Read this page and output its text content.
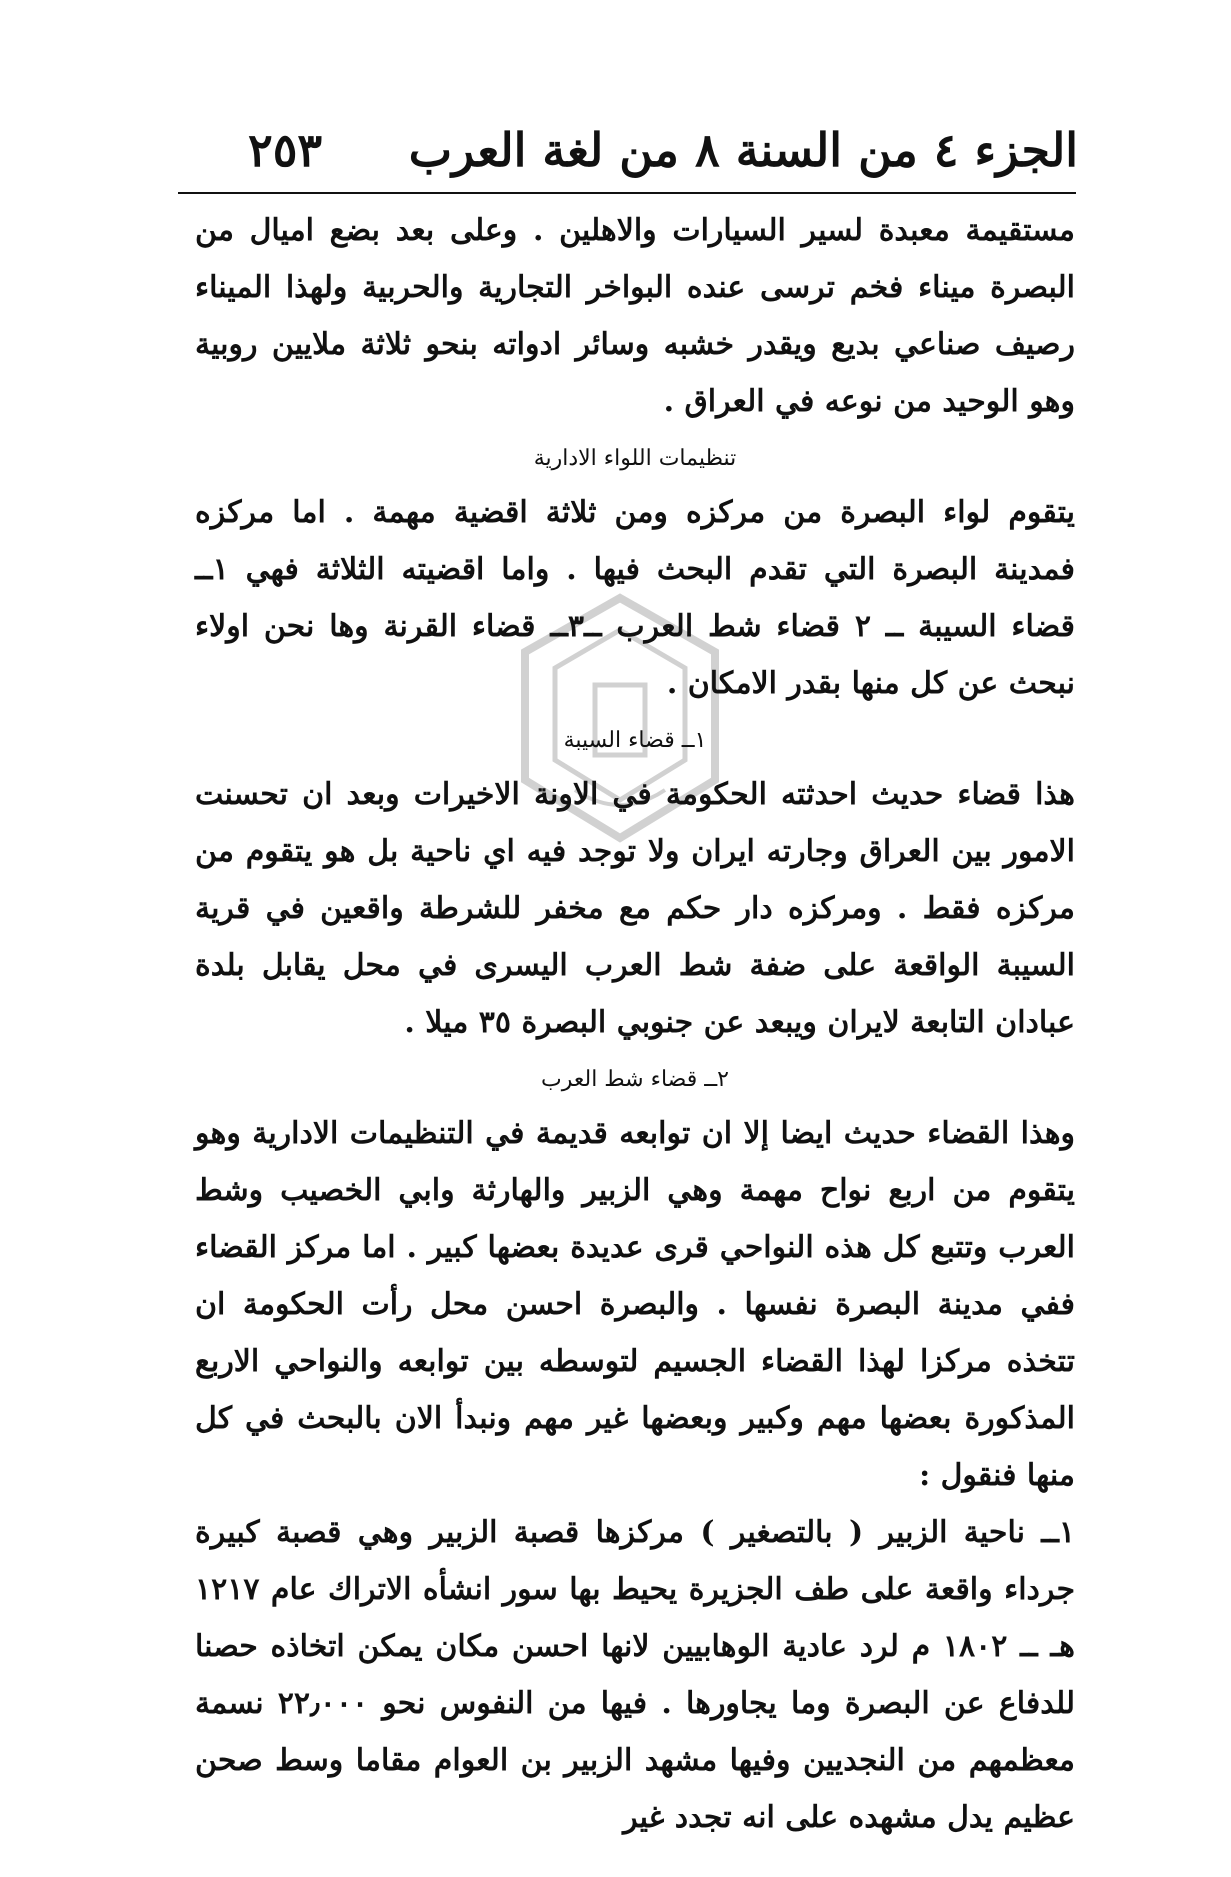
الجزء ٤ من السنة ٨ من لغة العرب
٢٥٣

مستقيمة معبدة لسير السيارات والاهلين . وعلى بعد بضع اميال من البصرة ميناء فخم ترسى عنده البواخر التجارية والحربية ولهذا الميناء رصيف صناعي بديع ويقدر خشبه وسائر ادواته بنحو ثلاثة ملايين روبية وهو الوحيد من نوعه في العراق .

تنظيمات اللواء الادارية

يتقوم لواء البصرة من مركزه ومن ثلاثة اقضية مهمة . اما مركزه فمدينة البصرة التي تقدم البحث فيها . واما اقضيته الثلاثة فهي ١ــ قضاء السيبة ــ ٢ قضاء شط العرب ــ٣ــ قضاء القرنة وها نحن اولاء نبحث عن كل منها بقدر الامكان .

١ــ قضاء السيبة

هذا قضاء حديث احدثته الحكومة في الاونة الاخيرات وبعد ان تحسنت الامور بين العراق وجارته ايران ولا توجد فيه اي ناحية بل هو يتقوم من مركزه فقط . ومركزه دار حكم مع مخفر للشرطة واقعين في قرية السيبة الواقعة على ضفة شط العرب اليسرى في محل يقابل بلدة عبادان التابعة لايران ويبعد عن جنوبي البصرة ٣٥ ميلا .

٢ــ قضاء شط العرب

وهذا القضاء حديث ايضا إلا ان توابعه قديمة في التنظيمات الادارية وهو يتقوم من اربع نواح مهمة وهي الزبير والهارثة وابي الخصيب وشط العرب وتتبع كل هذه النواحي قرى عديدة بعضها كبير . اما مركز القضاء ففي مدينة البصرة نفسها . والبصرة احسن محل رأت الحكومة ان تتخذه مركزا لهذا القضاء الجسيم لتوسطه بين توابعه والنواحي الاربع المذكورة بعضها مهم وكبير وبعضها غير مهم ونبدأ الان بالبحث في كل منها فنقول :

١ــ ناحية الزبير ( بالتصغير ) مركزها قصبة الزبير وهي قصبة كبيرة جرداء واقعة على طف الجزيرة يحيط بها سور انشأه الاتراك عام ١٢١٧ هـ ــ ١٨٠٢ م لرد عادية الوهابيين لانها احسن مكان يمكن اتخاذه حصنا للدفاع عن البصرة وما يجاورها . فيها من النفوس نحو ٢٢٫٠٠٠ نسمة معظمهم من النجديين وفيها مشهد الزبير بن العوام مقاما وسط صحن عظيم يدل مشهده على انه تجدد غير
